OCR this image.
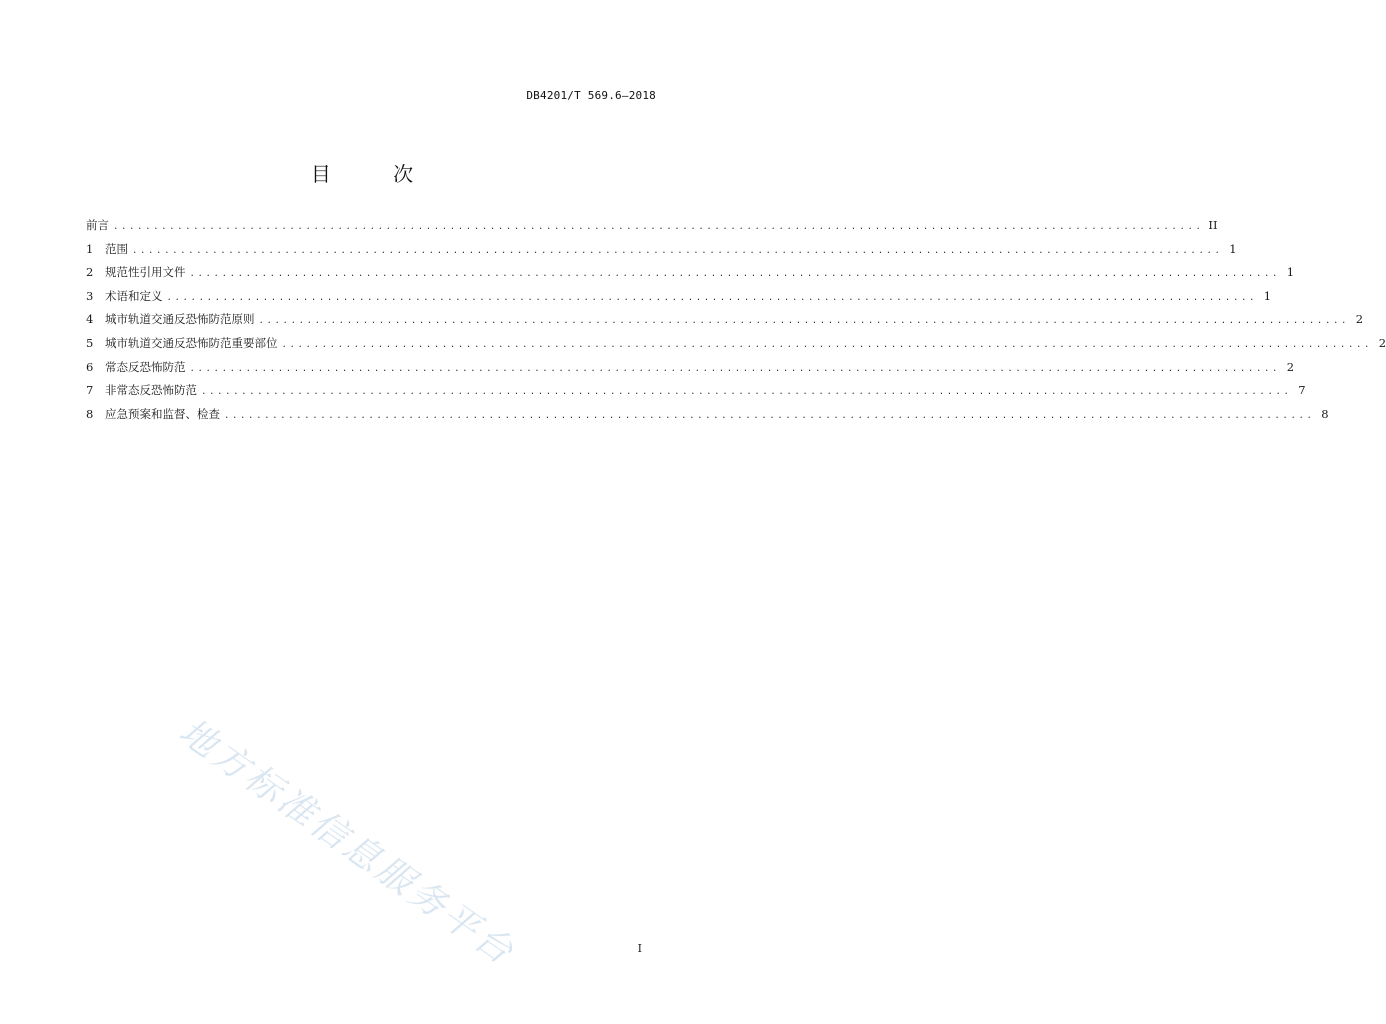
DB4201/T 569.6—2018
目 次
前言 ........................................................................................................................................ II
1	范围 ........................................................................................................................................ 1
2	规范性引用文件 ........................................................................................................................................ 1
3	术语和定义 ........................................................................................................................................ 1
4	城市轨道交通反恐怖防范原则 ........................................................................................................................................ 2
5	城市轨道交通反恐怖防范重要部位 ........................................................................................................................................ 2
6	常态反恐怖防范 ........................................................................................................................................ 2
7	非常态反恐怖防范 ........................................................................................................................................ 7
8	应急预案和监督、检查 ........................................................................................................................................ 8
地方标准信息服务平台	I
